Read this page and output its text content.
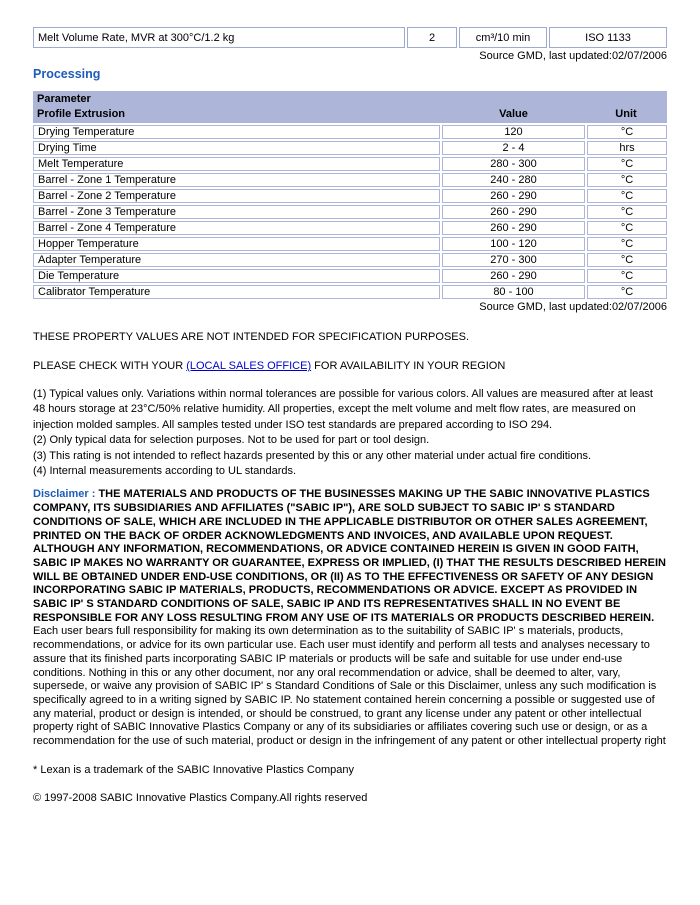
Melt Volume Rate, MVR at 300°C/1.2 kg	2	cm³/10 min	ISO 1133
Source GMD, last updated:02/07/2006
Processing
Parameter
Profile Extrusion	Value	Unit
Drying Temperature	120	°C
Drying Time	2 - 4	hrs
Melt Temperature	280 - 300	°C
Barrel - Zone 1 Temperature	240 - 280	°C
Barrel - Zone 2 Temperature	260 - 290	°C
Barrel - Zone 3 Temperature	260 - 290	°C
Barrel - Zone 4 Temperature	260 - 290	°C
Hopper Temperature	100 - 120	°C
Adapter Temperature	270 - 300	°C
Die Temperature	260 - 290	°C
Calibrator Temperature	80 - 100	°C
Source GMD, last updated:02/07/2006

THESE PROPERTY VALUES ARE NOT INTENDED FOR SPECIFICATION PURPOSES.

PLEASE CHECK WITH YOUR (LOCAL SALES OFFICE) FOR AVAILABILITY IN YOUR REGION

(1) Typical values only. Variations within normal tolerances are possible for various colors. All values are measured after at least 48 hours storage at 23°C/50% relative humidity. All properties, except the melt volume and melt flow rates, are measured on injection molded samples. All samples tested under ISO test standards are prepared according to ISO 294.
(2) Only typical data for selection purposes. Not to be used for part or tool design.
(3) This rating is not intended to reflect hazards presented by this or any other material under actual fire conditions.
(4) Internal measurements according to UL standards.

Disclaimer : THE MATERIALS AND PRODUCTS OF THE BUSINESSES MAKING UP THE SABIC INNOVATIVE PLASTICS COMPANY, ITS SUBSIDIARIES AND AFFILIATES ("SABIC IP"), ARE SOLD SUBJECT TO SABIC IP' S STANDARD CONDITIONS OF SALE, WHICH ARE INCLUDED IN THE APPLICABLE DISTRIBUTOR OR OTHER SALES AGREEMENT, PRINTED ON THE BACK OF ORDER ACKNOWLEDGMENTS AND INVOICES, AND AVAILABLE UPON REQUEST. ALTHOUGH ANY INFORMATION, RECOMMENDATIONS, OR ADVICE CONTAINED HEREIN IS GIVEN IN GOOD FAITH, SABIC IP MAKES NO WARRANTY OR GUARANTEE, EXPRESS OR IMPLIED, (I) THAT THE RESULTS DESCRIBED HEREIN WILL BE OBTAINED UNDER END-USE CONDITIONS, OR (II) AS TO THE EFFECTIVENESS OR SAFETY OF ANY DESIGN INCORPORATING SABIC IP MATERIALS, PRODUCTS, RECOMMENDATIONS OR ADVICE. EXCEPT AS PROVIDED IN SABIC IP' S STANDARD CONDITIONS OF SALE, SABIC IP AND ITS REPRESENTATIVES SHALL IN NO EVENT BE RESPONSIBLE FOR ANY LOSS RESULTING FROM ANY USE OF ITS MATERIALS OR PRODUCTS DESCRIBED HEREIN. Each user bears full responsibility for making its own determination as to the suitability of SABIC IP' s materials, products, recommendations, or advice for its own particular use. Each user must identify and perform all tests and analyses necessary to assure that its finished parts incorporating SABIC IP materials or products will be safe and suitable for use under end-use conditions. Nothing in this or any other document, nor any oral recommendation or advice, shall be deemed to alter, vary, supersede, or waive any provision of SABIC IP' s Standard Conditions of Sale or this Disclaimer, unless any such modification is specifically agreed to in a writing signed by SABIC IP. No statement contained herein concerning a possible or suggested use of any material, product or design is intended, or should be construed, to grant any license under any patent or other intellectual property right of SABIC Innovative Plastics Company or any of its subsidiaries or affiliates covering such use or design, or as a recommendation for the use of such material, product or design in the infringement of any patent or other intellectual property right

* Lexan is a trademark of the SABIC Innovative Plastics Company

© 1997-2008 SABIC Innovative Plastics Company.All rights reserved
